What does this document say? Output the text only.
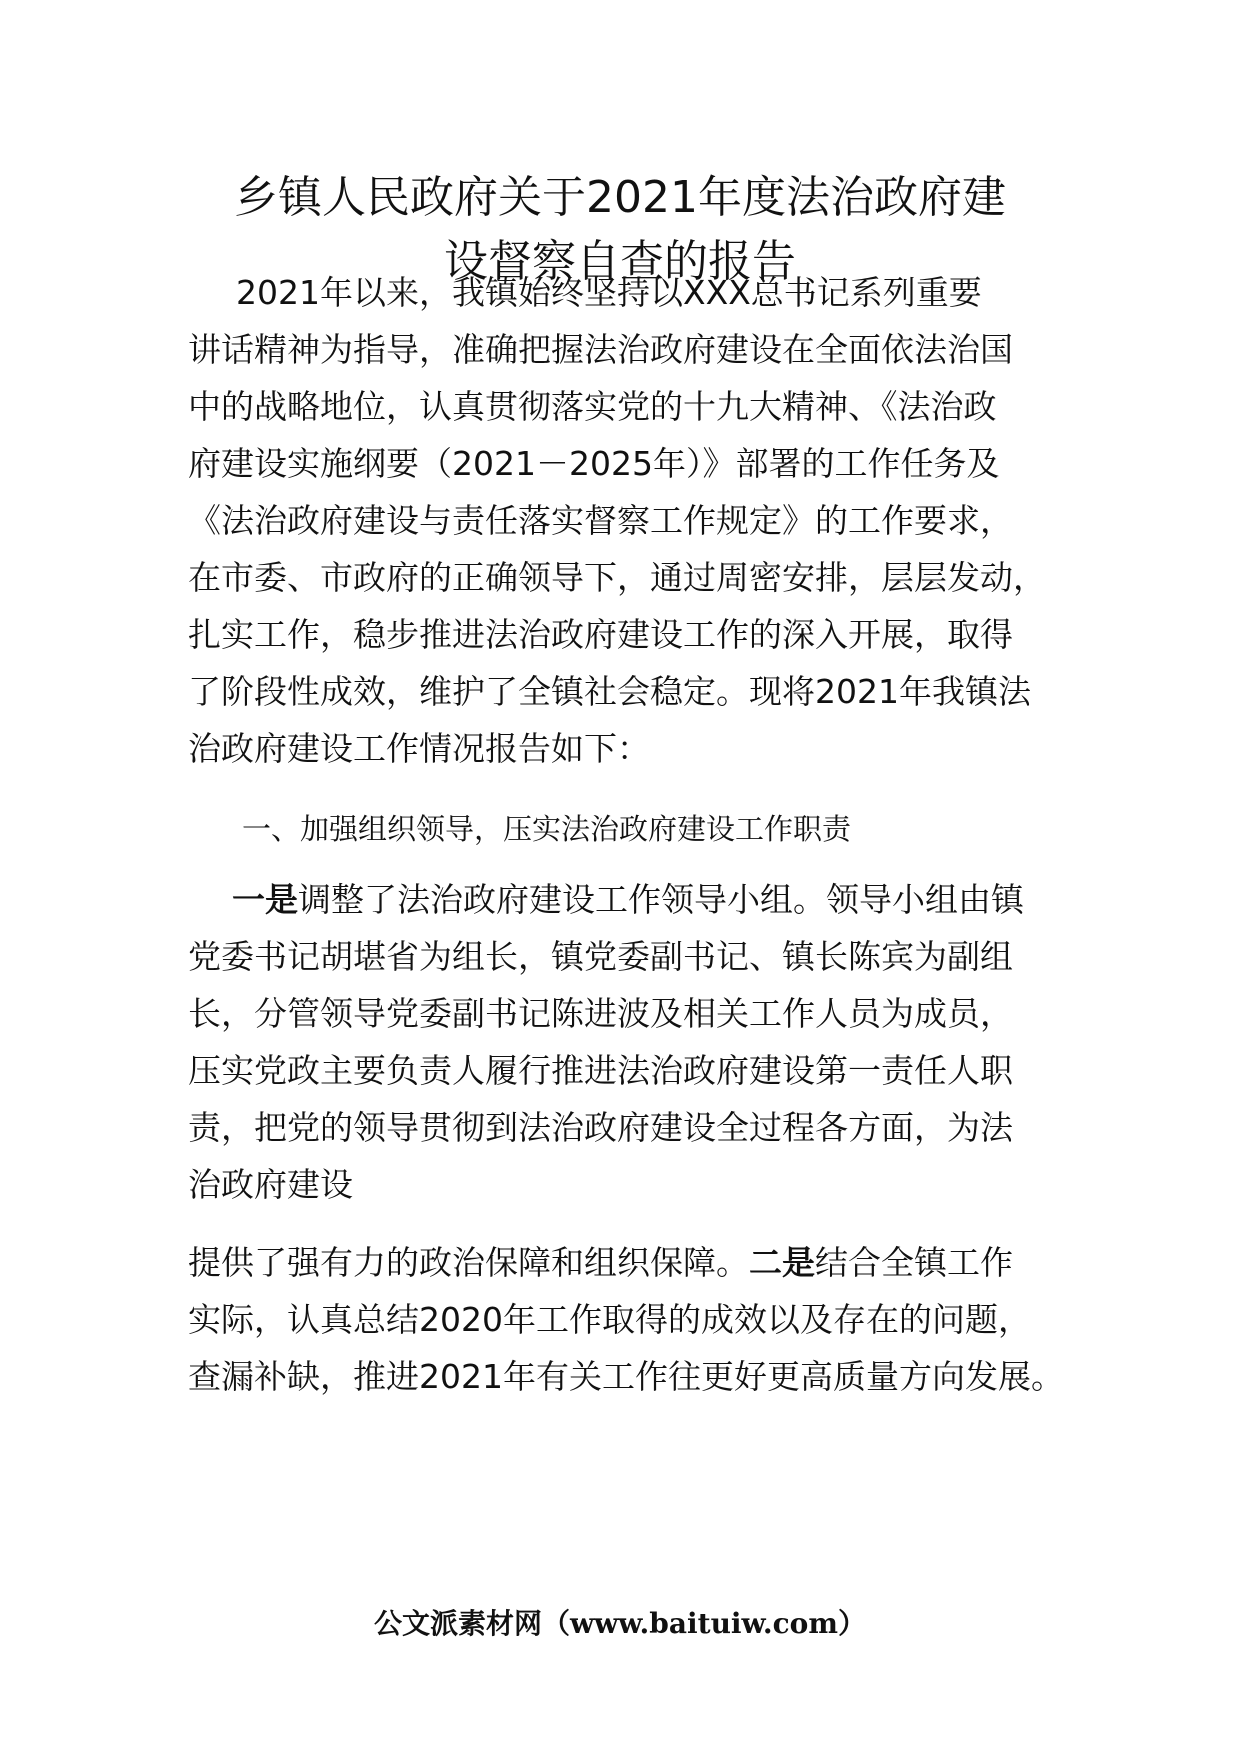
乡镇人民政府关于2021年度法治政府建
设督察自查的报告
2021年以来，我镇始终坚持以XXX总书记系列重要
讲话精神为指导，准确把握法治政府建设在全面依法治国
中的战略地位，认真贯彻落实党的十九大精神、《法治政
府建设实施纲要（2021－2025年）》部署的工作任务及
《法治政府建设与责任落实督察工作规定》的工作要求，
在市委、市政府的正确领导下，通过周密安排，层层发动，
扎实工作，稳步推进法治政府建设工作的深入开展，取得
了阶段性成效，维护了全镇社会稳定。现将2021年我镇法
治政府建设工作情况报告如下：
一、加强组织领导，压实法治政府建设工作职责
一是调整了法治政府建设工作领导小组。领导小组由镇
党委书记胡堪省为组长，镇党委副书记、镇长陈宾为副组
长，分管领导党委副书记陈进波及相关工作人员为成员，
压实党政主要负责人履行推进法治政府建设第一责任人职
责，把党的领导贯彻到法治政府建设全过程各方面，为法
治政府建设
提供了强有力的政治保障和组织保障。二是结合全镇工作
实际，认真总结2020年工作取得的成效以及存在的问题，
查漏补缺，推进2021年有关工作往更好更高质量方向发展。
公文派素材网（www.baituiw.com）
